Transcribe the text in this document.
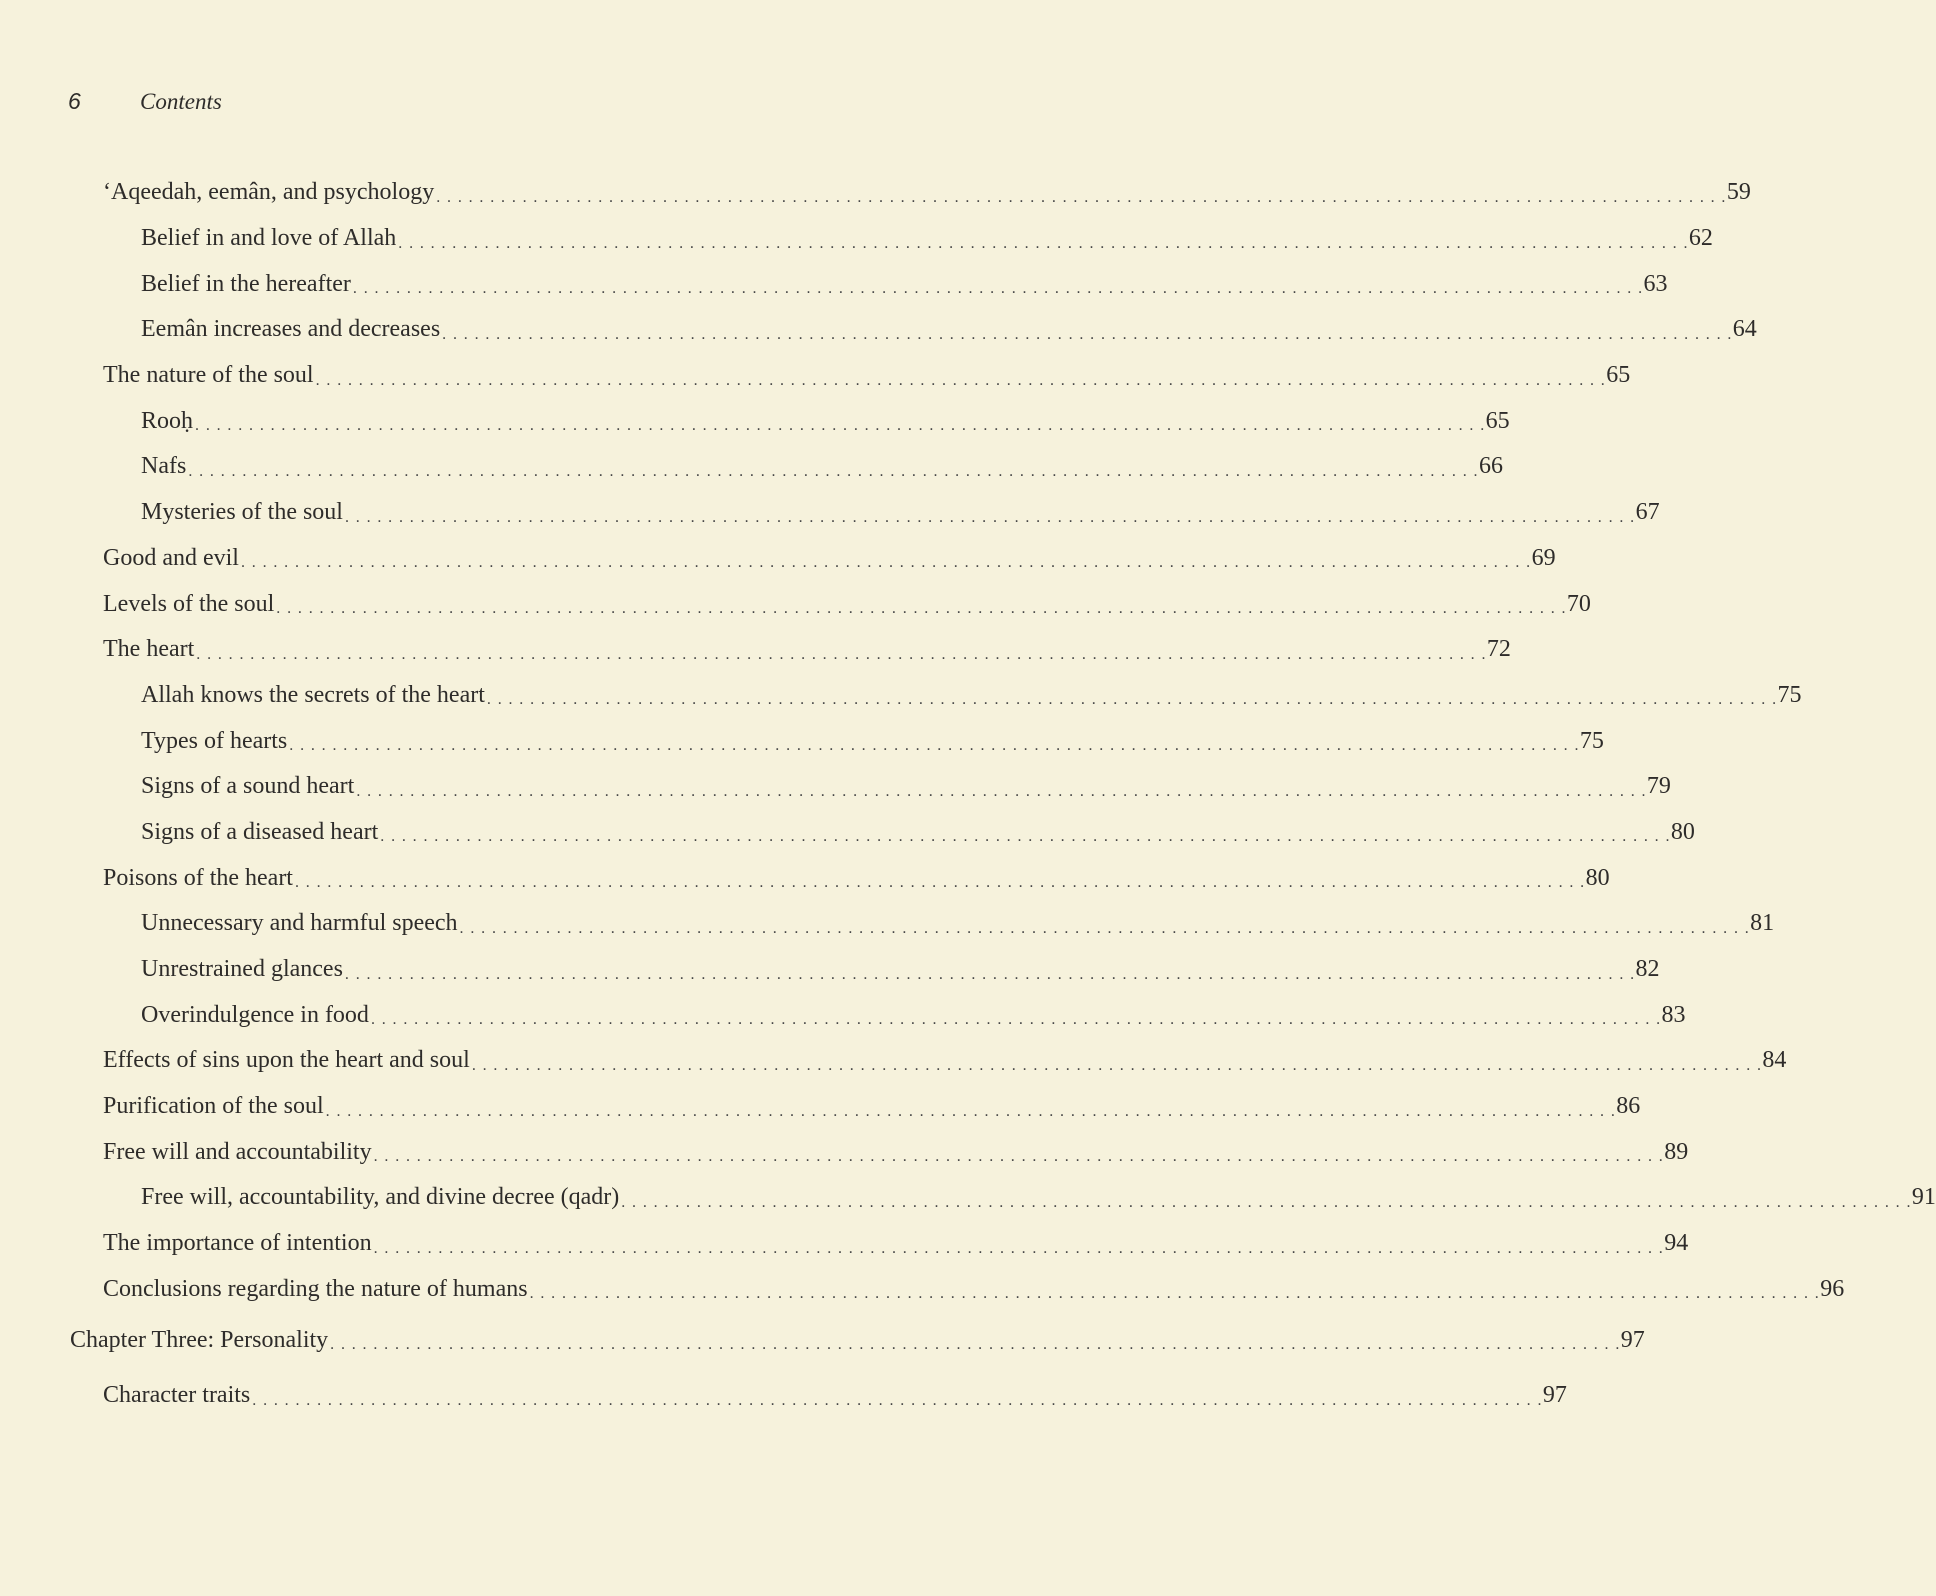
6	Contents
‘Aqeedah, eemân, and psychology . . . . . . . . . . . . . . . . . . . . . . . . . . . . . . . . . . . . . . . . . . . . . . . . . . . . . . . . . . . . . . . . . . . . . . . . . . . . . . . . . . . . . . . . . . . . . . . . . . . . . . . . . . . . . . . . . . . . . . . . 59
Belief in and love of Allah . . . . . . . . . . . . . . . . . . . . . . . . . . . . . . . . . . . . . . . . . . . . . . . . . . . . . . . . . . . . . . . . . . . . . . . . . . . . . . . . . . . . . . . . . . . . . . . . . . . . . . . . . . . . . . . . . . . . . . . . 62
Belief in the hereafter . . . . . . . . . . . . . . . . . . . . . . . . . . . . . . . . . . . . . . . . . . . . . . . . . . . . . . . . . . . . . . . . . . . . . . . . . . . . . . . . . . . . . . . . . . . . . . . . . . . . . . . . . . . . . . . . . . . . . . . . 63
Eemân increases and decreases . . . . . . . . . . . . . . . . . . . . . . . . . . . . . . . . . . . . . . . . . . . . . . . . . . . . . . . . . . . . . . . . . . . . . . . . . . . . . . . . . . . . . . . . . . . . . . . . . . . . . . . . . . . . . . . . . . . . . . . . 64
The nature of the soul . . . . . . . . . . . . . . . . . . . . . . . . . . . . . . . . . . . . . . . . . . . . . . . . . . . . . . . . . . . . . . . . . . . . . . . . . . . . . . . . . . . . . . . . . . . . . . . . . . . . . . . . . . . . . . . . . . . . . . . . 65
Rooḥ . . . . . . . . . . . . . . . . . . . . . . . . . . . . . . . . . . . . . . . . . . . . . . . . . . . . . . . . . . . . . . . . . . . . . . . . . . . . . . . . . . . . . . . . . . . . . . . . . . . . . . . . . . . . . . . . . . . . . . . . 65
Nafs . . . . . . . . . . . . . . . . . . . . . . . . . . . . . . . . . . . . . . . . . . . . . . . . . . . . . . . . . . . . . . . . . . . . . . . . . . . . . . . . . . . . . . . . . . . . . . . . . . . . . . . . . . . . . . . . . . . . . . . . 66
Mysteries of the soul . . . . . . . . . . . . . . . . . . . . . . . . . . . . . . . . . . . . . . . . . . . . . . . . . . . . . . . . . . . . . . . . . . . . . . . . . . . . . . . . . . . . . . . . . . . . . . . . . . . . . . . . . . . . . . . . . . . . . . . . 67
Good and evil . . . . . . . . . . . . . . . . . . . . . . . . . . . . . . . . . . . . . . . . . . . . . . . . . . . . . . . . . . . . . . . . . . . . . . . . . . . . . . . . . . . . . . . . . . . . . . . . . . . . . . . . . . . . . . . . . . . . . . . . 69
Levels of the soul . . . . . . . . . . . . . . . . . . . . . . . . . . . . . . . . . . . . . . . . . . . . . . . . . . . . . . . . . . . . . . . . . . . . . . . . . . . . . . . . . . . . . . . . . . . . . . . . . . . . . . . . . . . . . . . . . . . . . . . . 70
The heart . . . . . . . . . . . . . . . . . . . . . . . . . . . . . . . . . . . . . . . . . . . . . . . . . . . . . . . . . . . . . . . . . . . . . . . . . . . . . . . . . . . . . . . . . . . . . . . . . . . . . . . . . . . . . . . . . . . . . . . . 72
Allah knows the secrets of the heart . . . . . . . . . . . . . . . . . . . . . . . . . . . . . . . . . . . . . . . . . . . . . . . . . . . . . . . . . . . . . . . . . . . . . . . . . . . . . . . . . . . . . . . . . . . . . . . . . . . . . . . . . . . . . . . . . . . . . . . . 75
Types of hearts . . . . . . . . . . . . . . . . . . . . . . . . . . . . . . . . . . . . . . . . . . . . . . . . . . . . . . . . . . . . . . . . . . . . . . . . . . . . . . . . . . . . . . . . . . . . . . . . . . . . . . . . . . . . . . . . . . . . . . . . 75
Signs of a sound heart . . . . . . . . . . . . . . . . . . . . . . . . . . . . . . . . . . . . . . . . . . . . . . . . . . . . . . . . . . . . . . . . . . . . . . . . . . . . . . . . . . . . . . . . . . . . . . . . . . . . . . . . . . . . . . . . . . . . . . . . 79
Signs of a diseased heart . . . . . . . . . . . . . . . . . . . . . . . . . . . . . . . . . . . . . . . . . . . . . . . . . . . . . . . . . . . . . . . . . . . . . . . . . . . . . . . . . . . . . . . . . . . . . . . . . . . . . . . . . . . . . . . . . . . . . . . . 80
Poisons of the heart . . . . . . . . . . . . . . . . . . . . . . . . . . . . . . . . . . . . . . . . . . . . . . . . . . . . . . . . . . . . . . . . . . . . . . . . . . . . . . . . . . . . . . . . . . . . . . . . . . . . . . . . . . . . . . . . . . . . . . . . 80
Unnecessary and harmful speech . . . . . . . . . . . . . . . . . . . . . . . . . . . . . . . . . . . . . . . . . . . . . . . . . . . . . . . . . . . . . . . . . . . . . . . . . . . . . . . . . . . . . . . . . . . . . . . . . . . . . . . . . . . . . . . . . . . . . . . . 81
Unrestrained glances . . . . . . . . . . . . . . . . . . . . . . . . . . . . . . . . . . . . . . . . . . . . . . . . . . . . . . . . . . . . . . . . . . . . . . . . . . . . . . . . . . . . . . . . . . . . . . . . . . . . . . . . . . . . . . . . . . . . . . . . 82
Overindulgence in food . . . . . . . . . . . . . . . . . . . . . . . . . . . . . . . . . . . . . . . . . . . . . . . . . . . . . . . . . . . . . . . . . . . . . . . . . . . . . . . . . . . . . . . . . . . . . . . . . . . . . . . . . . . . . . . . . . . . . . . . 83
Effects of sins upon the heart and soul . . . . . . . . . . . . . . . . . . . . . . . . . . . . . . . . . . . . . . . . . . . . . . . . . . . . . . . . . . . . . . . . . . . . . . . . . . . . . . . . . . . . . . . . . . . . . . . . . . . . . . . . . . . . . . . . . . . . . . . . 84
Purification of the soul . . . . . . . . . . . . . . . . . . . . . . . . . . . . . . . . . . . . . . . . . . . . . . . . . . . . . . . . . . . . . . . . . . . . . . . . . . . . . . . . . . . . . . . . . . . . . . . . . . . . . . . . . . . . . . . . . . . . . . . . 86
Free will and accountability . . . . . . . . . . . . . . . . . . . . . . . . . . . . . . . . . . . . . . . . . . . . . . . . . . . . . . . . . . . . . . . . . . . . . . . . . . . . . . . . . . . . . . . . . . . . . . . . . . . . . . . . . . . . . . . . . . . . . . . . 89
Free will, accountability, and divine decree (qadr) . . . . . . . . . . . . . . . . . . . . . . . . . . . . . . . . . . . . . . . . . . . . . . . . . . . . . . . . . . . . . . . . . . . . . . . . . . . . . . . . . . . . . . . . . . . . . . . . . . . . . . . . . . . . . . . . . . . . . . . . 91
The importance of intention . . . . . . . . . . . . . . . . . . . . . . . . . . . . . . . . . . . . . . . . . . . . . . . . . . . . . . . . . . . . . . . . . . . . . . . . . . . . . . . . . . . . . . . . . . . . . . . . . . . . . . . . . . . . . . . . . . . . . . . . 94
Conclusions regarding the nature of humans . . . . . . . . . . . . . . . . . . . . . . . . . . . . . . . . . . . . . . . . . . . . . . . . . . . . . . . . . . . . . . . . . . . . . . . . . . . . . . . . . . . . . . . . . . . . . . . . . . . . . . . . . . . . . . . . . . . . . . . . 96
Chapter Three: Personality . . . . . . . . . . . . . . . . . . . . . . . . . . . . . . . . . . . . . . . . . . . . . . . . . . . . . . . . . . . . . . . . . . . . . . . . . . . . . . . . . . . . . . . . . . . . . . . . . . . . . . . . . . . . . . . . . . . . . . . . 97
Character traits . . . . . . . . . . . . . . . . . . . . . . . . . . . . . . . . . . . . . . . . . . . . . . . . . . . . . . . . . . . . . . . . . . . . . . . . . . . . . . . . . . . . . . . . . . . . . . . . . . . . . . . . . . . . . . . . . . . . . . . . 97
